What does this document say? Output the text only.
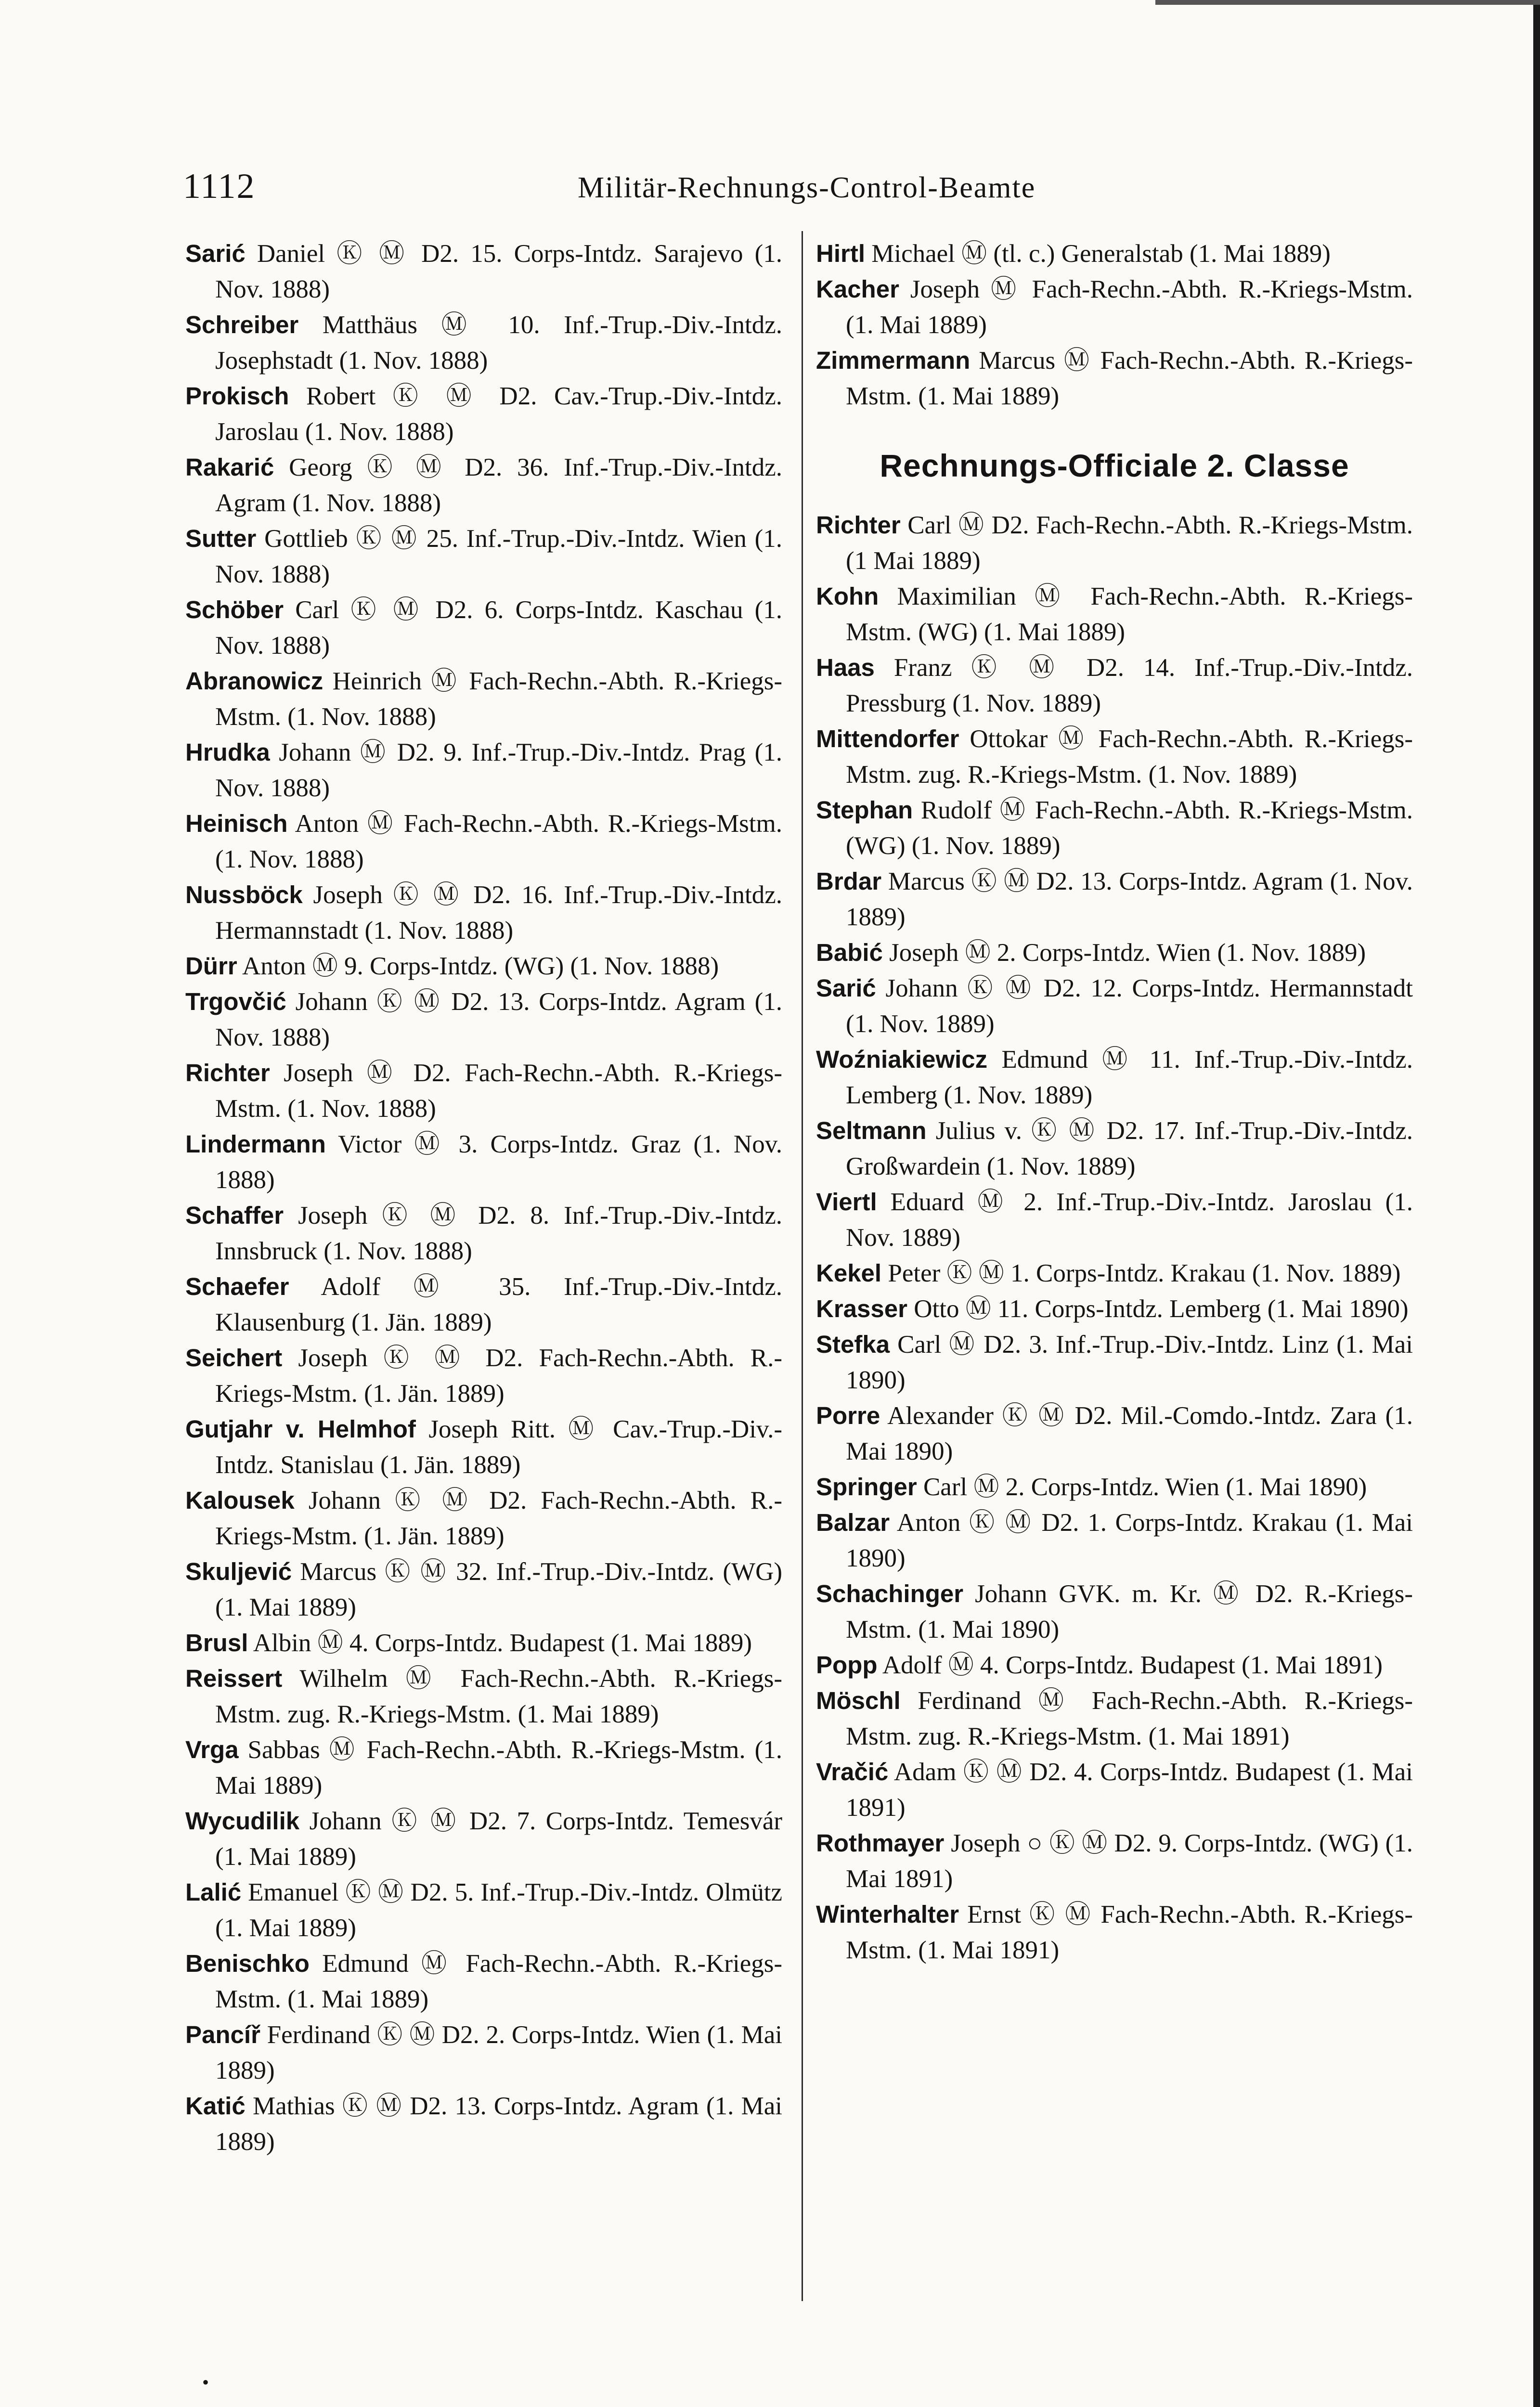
1112	Militär-Rechnungs-Control-Beamte

Sarić Daniel Ⓚ Ⓜ D2. 15. Corps-Intdz. Sarajevo (1. Nov. 1888)

Schreiber Matthäus Ⓜ 10. Inf.-Trup.-Div.-Intdz. Josephstadt (1. Nov. 1888)

Prokisch Robert Ⓚ Ⓜ D2. Cav.-Trup.-Div.-Intdz. Jaroslau (1. Nov. 1888)

Rakarić Georg Ⓚ Ⓜ D2. 36. Inf.-Trup.-Div.-Intdz. Agram (1. Nov. 1888)

Sutter Gottlieb Ⓚ Ⓜ 25. Inf.-Trup.-Div.-Intdz. Wien (1. Nov. 1888)

Schöber Carl Ⓚ Ⓜ D2. 6. Corps-Intdz. Kaschau (1. Nov. 1888)

Abranowicz Heinrich Ⓜ Fach-Rechn.-Abth. R.-Kriegs-Mstm. (1. Nov. 1888)

Hrudka Johann Ⓜ D2. 9. Inf.-Trup.-Div.-Intdz. Prag (1. Nov. 1888)

Heinisch Anton Ⓜ Fach-Rechn.-Abth. R.-Kriegs-Mstm. (1. Nov. 1888)

Nussböck Joseph Ⓚ Ⓜ D2. 16. Inf.-Trup.-Div.-Intdz. Hermannstadt (1. Nov. 1888)

Dürr Anton Ⓜ 9. Corps-Intdz. (WG) (1. Nov. 1888)

Trgovčić Johann Ⓚ Ⓜ D2. 13. Corps-Intdz. Agram (1. Nov. 1888)

Richter Joseph Ⓜ D2. Fach-Rechn.-Abth. R.-Kriegs-Mstm. (1. Nov. 1888)

Lindermann Victor Ⓜ 3. Corps-Intdz. Graz (1. Nov. 1888)

Schaffer Joseph Ⓚ Ⓜ D2. 8. Inf.-Trup.-Div.-Intdz. Innsbruck (1. Nov. 1888)

Schaefer Adolf Ⓜ 35. Inf.-Trup.-Div.-Intdz. Klausenburg (1. Jän. 1889)

Seichert Joseph Ⓚ Ⓜ D2. Fach-Rechn.-Abth. R.-Kriegs-Mstm. (1. Jän. 1889)

Gutjahr v. Helmhof Joseph Ritt. Ⓜ Cav.-Trup.-Div.-Intdz. Stanislau (1. Jän. 1889)

Kalousek Johann Ⓚ Ⓜ D2. Fach-Rechn.-Abth. R.-Kriegs-Mstm. (1. Jän. 1889)

Skuljević Marcus Ⓚ Ⓜ 32. Inf.-Trup.-Div.-Intdz. (WG) (1. Mai 1889)

Brusl Albin Ⓜ 4. Corps-Intdz. Budapest (1. Mai 1889)

Reissert Wilhelm Ⓜ Fach-Rechn.-Abth. R.-Kriegs-Mstm. zug. R.-Kriegs-Mstm. (1. Mai 1889)

Vrga Sabbas Ⓜ Fach-Rechn.-Abth. R.-Kriegs-Mstm. (1. Mai 1889)

Wycudilik Johann Ⓚ Ⓜ D2. 7. Corps-Intdz. Temesvár (1. Mai 1889)

Lalić Emanuel Ⓚ Ⓜ D2. 5. Inf.-Trup.-Div.-Intdz. Olmütz (1. Mai 1889)

Benischko Edmund Ⓜ Fach-Rechn.-Abth. R.-Kriegs-Mstm. (1. Mai 1889)

Pancíř Ferdinand Ⓚ Ⓜ D2. 2. Corps-Intdz. Wien (1. Mai 1889)

Katić Mathias Ⓚ Ⓜ D2. 13. Corps-Intdz. Agram (1. Mai 1889)

Hirtl Michael Ⓜ (tl. c.) Generalstab (1. Mai 1889)

Kacher Joseph Ⓜ Fach-Rechn.-Abth. R.-Kriegs-Mstm. (1. Mai 1889)

Zimmermann Marcus Ⓜ Fach-Rechn.-Abth. R.-Kriegs-Mstm. (1. Mai 1889)

Rechnungs-Officiale 2. Classe

Richter Carl Ⓜ D2. Fach-Rechn.-Abth. R.-Kriegs-Mstm. (1 Mai 1889)

Kohn Maximilian Ⓜ Fach-Rechn.-Abth. R.-Kriegs-Mstm. (WG) (1. Mai 1889)

Haas Franz Ⓚ Ⓜ D2. 14. Inf.-Trup.-Div.-Intdz. Pressburg (1. Nov. 1889)

Mittendorfer Ottokar Ⓜ Fach-Rechn.-Abth. R.-Kriegs-Mstm. zug. R.-Kriegs-Mstm. (1. Nov. 1889)

Stephan Rudolf Ⓜ Fach-Rechn.-Abth. R.-Kriegs-Mstm. (WG) (1. Nov. 1889)

Brdar Marcus Ⓚ Ⓜ D2. 13. Corps-Intdz. Agram (1. Nov. 1889)

Babić Joseph Ⓜ 2. Corps-Intdz. Wien (1. Nov. 1889)

Sarić Johann Ⓚ Ⓜ D2. 12. Corps-Intdz. Hermannstadt (1. Nov. 1889)

Woźniakiewicz Edmund Ⓜ 11. Inf.-Trup.-Div.-Intdz. Lemberg (1. Nov. 1889)

Seltmann Julius v. Ⓚ Ⓜ D2. 17. Inf.-Trup.-Div.-Intdz. Großwardein (1. Nov. 1889)

Viertl Eduard Ⓜ 2. Inf.-Trup.-Div.-Intdz. Jaroslau (1. Nov. 1889)

Kekel Peter Ⓚ Ⓜ 1. Corps-Intdz. Krakau (1. Nov. 1889)

Krasser Otto Ⓜ 11. Corps-Intdz. Lemberg (1. Mai 1890)

Stefka Carl Ⓜ D2. 3. Inf.-Trup.-Div.-Intdz. Linz (1. Mai 1890)

Porre Alexander Ⓚ Ⓜ D2. Mil.-Comdo.-Intdz. Zara (1. Mai 1890)

Springer Carl Ⓜ 2. Corps-Intdz. Wien (1. Mai 1890)

Balzar Anton Ⓚ Ⓜ D2. 1. Corps-Intdz. Krakau (1. Mai 1890)

Schachinger Johann GVK. m. Kr. Ⓜ D2. R.-Kriegs-Mstm. (1. Mai 1890)

Popp Adolf Ⓜ 4. Corps-Intdz. Budapest (1. Mai 1891)

Möschl Ferdinand Ⓜ Fach-Rechn.-Abth. R.-Kriegs-Mstm. zug. R.-Kriegs-Mstm. (1. Mai 1891)

Vračić Adam Ⓚ Ⓜ D2. 4. Corps-Intdz. Budapest (1. Mai 1891)

Rothmayer Joseph ○ Ⓚ Ⓜ D2. 9. Corps-Intdz. (WG) (1. Mai 1891)

Winterhalter Ernst Ⓚ Ⓜ Fach-Rechn.-Abth. R.-Kriegs-Mstm. (1. Mai 1891)

•
